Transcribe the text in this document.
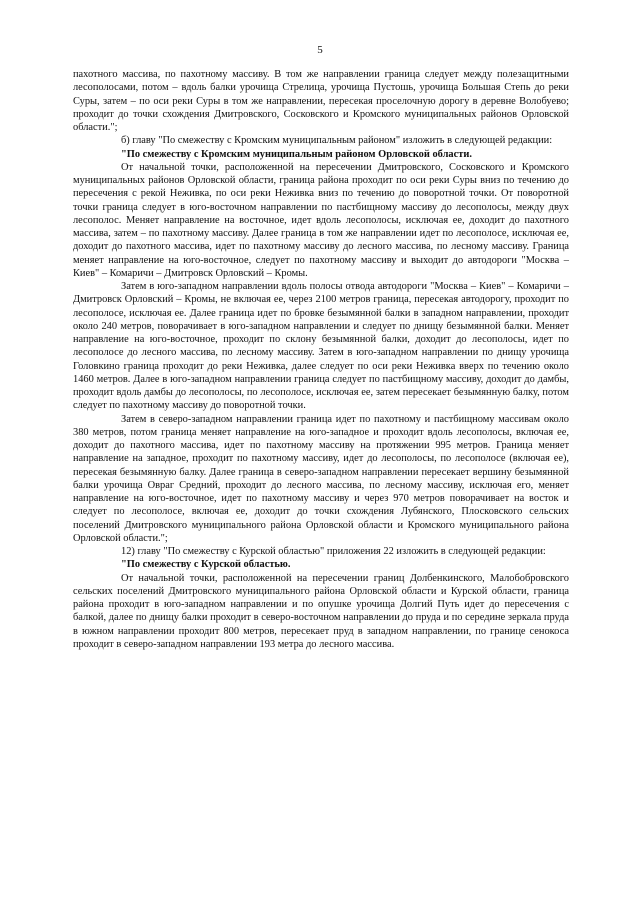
5

пахотного массива, по пахотному массиву. В том же направлении граница следует между полезащитными лесополосами, потом – вдоль балки урочища Стрелица, урочища Пустошь, урочища Большая Степь до реки Суры, затем – по оси реки Суры в том же направлении, пересекая проселочную дорогу в деревне Волобуево; проходит до точки схождения Дмитровского, Сосковского и Кромского муниципальных районов Орловской области.";

б) главу "По смежеству с Кромским муниципальным районом" изложить в следующей редакции:

"По смежеству с Кромским муниципальным районом Орловской области.

От начальной точки, расположенной на пересечении Дмитровского, Сосковского и Кромского муниципальных районов Орловской области, граница района проходит по оси реки Суры вниз по течению до пересечения с рекой Неживка, по оси реки Неживка вниз по течению до поворотной точки. От поворотной точки граница следует в юго-восточном направлении по пастбищному массиву до лесополосы, между двух лесополос. Меняет направление на восточное, идет вдоль лесополосы, исключая ее, доходит до пахотного массива, затем – по пахотному массиву. Далее граница в том же направлении идет по лесополосе, исключая ее, доходит до пахотного массива, идет по пахотному массиву до лесного массива, по лесному массиву. Граница меняет направление на юго-восточное, следует по пахотному массиву и выходит до автодороги "Москва – Киев" – Комаричи – Дмитровск Орловский – Кромы.

Затем в юго-западном направлении вдоль полосы отвода автодороги "Москва – Киев" – Комаричи – Дмитровск Орловский – Кромы, не включая ее, через 2100 метров граница, пересекая автодорогу, проходит по лесополосе, исключая ее. Далее граница идет по бровке безымянной балки в западном направлении, проходит около 240 метров, поворачивает в юго-западном направлении и следует по днищу безымянной балки. Меняет направление на юго-восточное, проходит по склону безымянной балки, доходит до лесополосы, идет по лесополосе до лесного массива, по лесному массиву. Затем в юго-западном направлении по днищу урочища Головкино граница проходит до реки Неживка, далее следует по оси реки Неживка вверх по течению около 1460 метров. Далее в юго-западном направлении граница следует по пастбищному массиву, доходит до дамбы, проходит вдоль дамбы до лесополосы, по лесополосе, исключая ее, затем пересекает безымянную балку, потом следует по пахотному массиву до поворотной точки.

Затем в северо-западном направлении граница идет по пахотному и пастбищному массивам около 380 метров, потом граница меняет направление на юго-западное и проходит вдоль лесополосы, включая ее, доходит до пахотного массива, идет по пахотному массиву на протяжении 995 метров. Граница меняет направление на западное, проходит по пахотному массиву, идет до лесополосы, по лесополосе (включая ее), пересекая безымянную балку. Далее граница в северо-западном направлении пересекает вершину безымянной балки урочища Овраг Средний, проходит до лесного массива, по лесному массиву, исключая его, меняет направление на юго-восточное, идет по пахотному массиву и через 970 метров поворачивает на восток и следует по лесополосе, включая ее, доходит до точки схождения Лубянского, Плосковского сельских поселений Дмитровского муниципального района Орловской области и Кромского муниципального района Орловской области.";

12) главу "По смежеству с Курской областью" приложения 22 изложить в следующей редакции:

"По смежеству с Курской областью.

От начальной точки, расположенной на пересечении границ Долбенкинского, Малобобровского сельских поселений Дмитровского муниципального района Орловской области и Курской области, граница района проходит в юго-западном направлении и по опушке урочища Долгий Путь идет до пересечения с балкой, далее по днищу балки проходит в северо-восточном направлении до пруда и по середине зеркала пруда в южном направлении проходит 800 метров, пересекает пруд в западном направлении, по границе сенокоса проходит в северо-западном направлении 193 метра до лесного массива.
